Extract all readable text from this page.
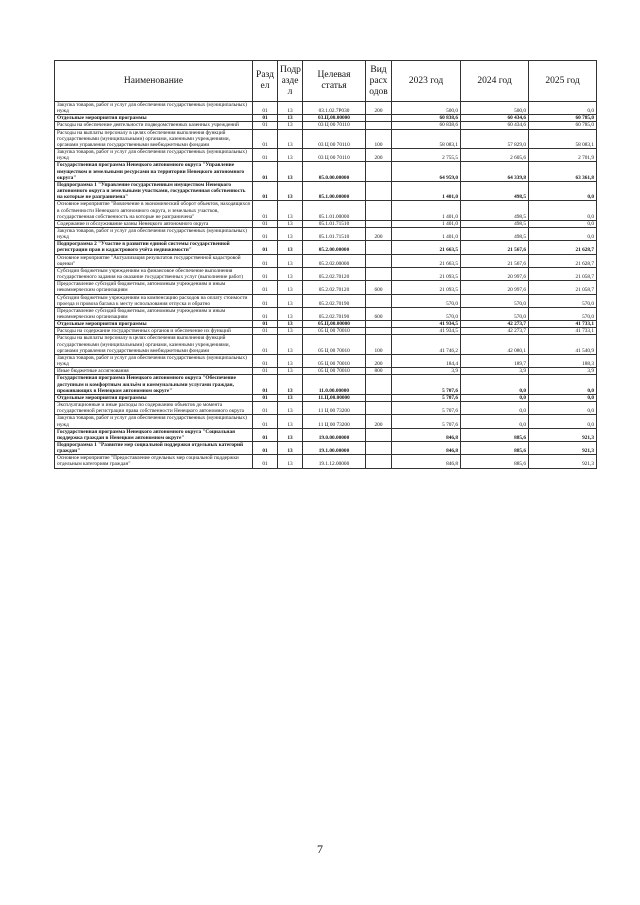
Наименование	Разд ел	Подр азде л	Целевая статья	Вид расх одов	2023 год	2024 год	2025 год
Закупка товаров, работ и услуг для обеспечения государственных (муниципальных) нужд	01	13	03.1.02.7Р030	200	500,0	500,0	0,0
Отдельные мероприятия программы	01	13	03.Ц.00.00000		60 838,6	60 434,6	60 785,0
Расходы на обеспечение деятельности подведомственных казенных учреждений	01	13	03 Ц 00 70110		60 838,6	60 434,6	60 785,0
Расходы на выплаты персоналу в целях обеспечения выполнения функций государственными (муниципальными) органами, казенными учреждениями, органами управления государственными внебюджетными фондами	01	13	03 Ц 00 70110	100	58 083,1	57 829,0	58 083,1
Закупка товаров, работ и услуг для обеспечения государственных (муниципальных) нужд	01	13	03 Ц 00 70110	200	2 755,5	2 605,6	2 701,9
Государственная программа Ненецкого автономного округа "Управление имуществом и земельными ресурсами на территории Ненецкого автономного округа"	01	13	05.0.00.00000		64 959,0	64 339,8	63 361,8
Подпрограмма 1 "Управление государственным имуществом Ненецкого автономного округа и земельными участками, государственная собственность на которые не разграничена"	01	13	05.1.00.00000		1 401,0	498,5	0,0
Основное мероприятие "Вовлечение в экономический оборот объектов, находящихся в собственности Ненецкого автономного округа, и земельных участков, государственная собственность на которые не разграничена"	01	13	05.1.01.00000		1 401,0	498,5	0,0
Содержание и обслуживание казны Ненецкого автономного округа	01	13	05.1.01.71510		1 401,0	498,5	0,0
Закупка товаров, работ и услуг для обеспечения государственных (муниципальных) нужд	01	13	05.1.01.71510	200	1 401,0	498,5	0,0
Подпрограмма 2 "Участие в развитии единой системы государственной регистрации прав и кадастрового учёта недвижимости"	01	13	05.2.00.00000		21 663,5	21 567,6	21 628,7
Основное мероприятие "Актуализация результатов государственной кадастровой оценки"	01	13	05.2.02.00000		21 663,5	21 567,6	21 628,7
Субсидии бюджетным учреждениям на финансовое обеспечение выполнения государственного задания на оказание государственных услуг (выполнение работ)	01	13	05.2.02.70120		21 093,5	20 997,6	21 058,7
Предоставление субсидий бюджетным, автономным учреждениям и иным некоммерческим организациям	01	13	05.2.02.70120	600	21 093,5	20 997,6	21 058,7
Субсидии бюджетным учреждениям на компенсацию расходов на оплату стоимости проезда и провоза багажа к месту использования отпуска и обратно	01	13	05.2.02.70190		570,0	570,0	570,0
Предоставление субсидий бюджетным, автономным учреждениям и иным некоммерческим организациям	01	13	05.2.02.70190	600	570,0	570,0	570,0
Отдельные мероприятия программы	01	13	05.Ц.00.00000		41 934,5	42 273,7	41 733,1
Расходы на содержание государственных органов и обеспечение их функций	01	13	05 Ц 00 70010		41 934,5	42 273,7	41 733,1
Расходы на выплаты персоналу в целях обеспечения выполнения функций государственными (муниципальными) органами, казенными учреждениями, органами управления государственными внебюджетными фондами	01	13	05 Ц 00 70010	100	41 746,2	42 080,1	41 540,9
Закупка товаров, работ и услуг для обеспечения государственных (муниципальных) нужд	01	13	05 Ц 00 70010	200	184,4	189,7	188,3
Иные бюджетные ассигнования	01	13	05 Ц 00 70010	800	3,9	3,9	3,9
Государственная программа Ненецкого автономного округа "Обеспечение доступным и комфортным жильём и коммунальными услугами граждан, проживающих в Ненецком автономном округе"	01	13	11.0.00.00000		5 707,6	0,0	0,0
Отдельные мероприятия программы	01	13	11.Ц.00.00000		5 707,6	0,0	0,0
Эксплуатационные и иные расходы по содержанию объектов до момента государственной регистрации права собственности Ненецкого автономного округа	01	13	11 Ц 00 73200		5 707,6	0,0	0,0
Закупка товаров, работ и услуг для обеспечения государственных (муниципальных) нужд	01	13	11 Ц 00 73200	200	5 707,6	0,0	0,0
Государственная программа Ненецкого автономного округа "Социальная поддержка граждан в Ненецком автономном округе"	01	13	19.0.00.00000		846,8	885,6	921,3
Подпрограмма 1 "Развитие мер социальной поддержки отдельных категорий граждан"	01	13	19.1.00.00000		846,8	885,6	921,3
Основное мероприятие "Предоставление отдельных мер социальной поддержки отдельным категориям граждан"	01	13	19.1.12.00000		846,8	885,6	921,3
7
